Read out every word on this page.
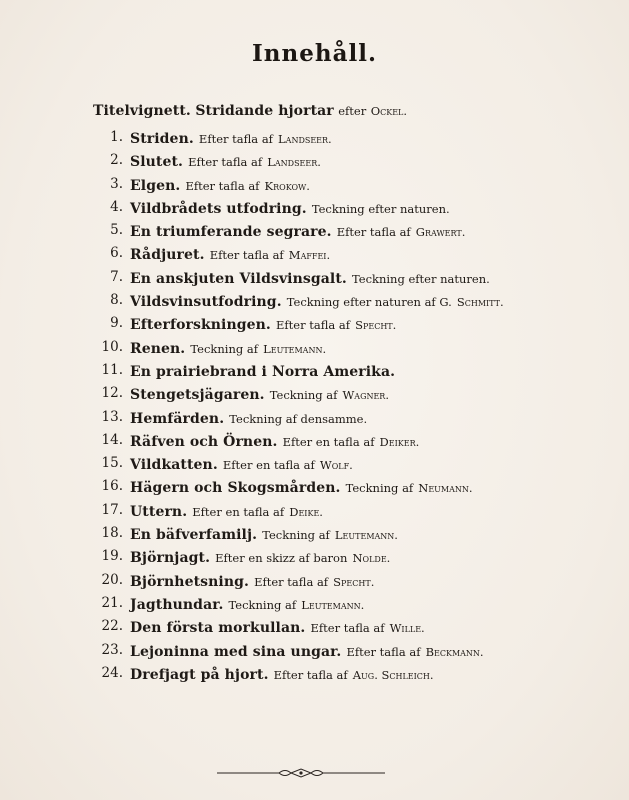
Innehåll.
Titelvignett. Stridande hjortar efter Ockel.
1. Striden. Efter tafla af Landseer.
2. Slutet. Efter tafla af Landseer.
3. Elgen. Efter tafla af Krokow.
4. Vildbrådets utfodring. Teckning efter naturen.
5. En triumferande segrare. Efter tafla af Grawert.
6. Rådjuret. Efter tafla af Maffei.
7. En anskjuten Vildsvinsgalt. Teckning efter naturen.
8. Vildsvinsutfodring. Teckning efter naturen af G. Schmitt.
9. Efterforskningen. Efter tafla af Specht.
10. Renen. Teckning af Leutemann.
11. En prairiebrand i Norra Amerika.
12. Stengetsjägaren. Teckning af Wagner.
13. Hemfärden. Teckning af densamme.
14. Räfven och Örnen. Efter en tafla af Deiker.
15. Vildkatten. Efter en tafla af Wolf.
16. Hägern och Skogsmården. Teckning af Neumann.
17. Uttern. Efter en tafla af Deike.
18. En bäfverfamilj. Teckning af Leutemann.
19. Björnjagt. Efter en skizz af baron Nolde.
20. Björnhetsning. Efter tafla af Specht.
21. Jagthundar. Teckning af Leutemann.
22. Den första morkullan. Efter tafla af Wille.
23. Lejoninna med sina ungar. Efter tafla af Beckmann.
24. Drefjagt på hjort. Efter tafla af Aug. Schleich.
